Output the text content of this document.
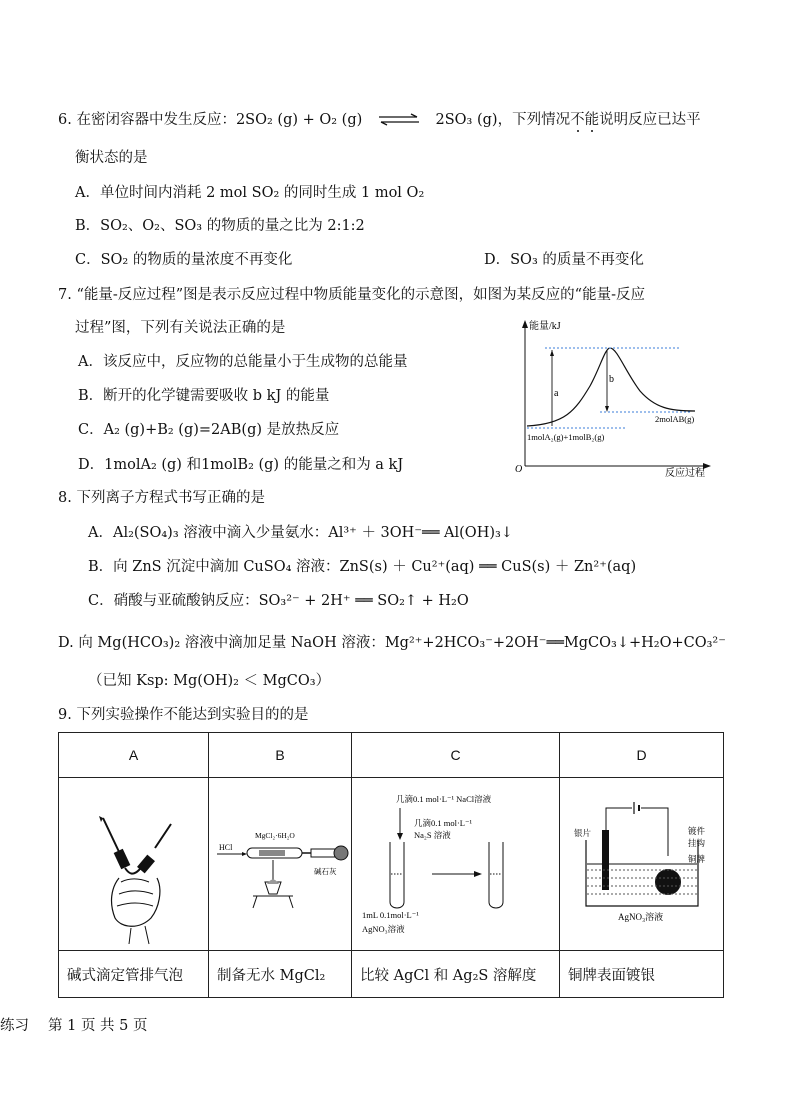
6. 在密闭容器中发生反应：2SO₂ (g) + O₂ (g) ⇌ 2SO₃ (g)，下列情况不能说明反应已达平
衡状态的是
A．单位时间内消耗 2 mol SO₂ 的同时生成 1 mol O₂
B．SO₂、O₂、SO₃ 的物质的量之比为 2:1:2
C．SO₂ 的物质的量浓度不再变化	D．SO₃ 的质量不再变化
7. “能量-反应过程”图是表示反应过程中物质能量变化的示意图，如图为某反应的“能量-反应
过程”图，下列有关说法正确的是
A．该反应中，反应物的总能量小于生成物的总能量
B．断开的化学键需要吸收 b kJ 的能量
C．A₂ (g)+B₂ (g)=2AB(g) 是放热反应
D．1molA₂ (g) 和1molB₂ (g) 的能量之和为 a kJ
能量/kJ
反应过程
O
a
b
1molA₂(g)+1molB₂(g)
2molAB(g)
8. 下列离子方程式书写正确的是
A．Al₂(SO₄)₃ 溶液中滴入少量氨水：Al³⁺ ＋ 3OH⁻══ Al(OH)₃↓
B．向 ZnS 沉淀中滴加 CuSO₄ 溶液：ZnS(s) ＋ Cu²⁺(aq) ══ CuS(s) ＋ Zn²⁺(aq)
C．硝酸与亚硫酸钠反应：SO₃²⁻ + 2H⁺ ══ SO₂↑ + H₂O
D. 向 Mg(HCO₃)₂ 溶液中滴加足量 NaOH 溶液：Mg²⁺+2HCO₃⁻+2OH⁻══MgCO₃↓+H₂O+CO₃²⁻
（已知 Ksp: Mg(OH)₂ ＜ MgCO₃）
9. 下列实验操作不能达到实验目的的是
A	B	C	D

HCl
MgCl₂·6H₂O
碱石灰	几滴0.1 mol·L⁻¹ NaCl溶液
几滴0.1 mol·L⁻¹
Na₂S 溶液
1mL 0.1mol·L⁻¹
AgNO₃溶液	银片 镀件
挂钩
铜牌
AgNO₃溶液

碱式滴定管排气泡	制备无水 MgCl₂	比较 AgCl 和 Ag₂S 溶解度	铜牌表面镀银
练习 第 1 页 共 5 页
